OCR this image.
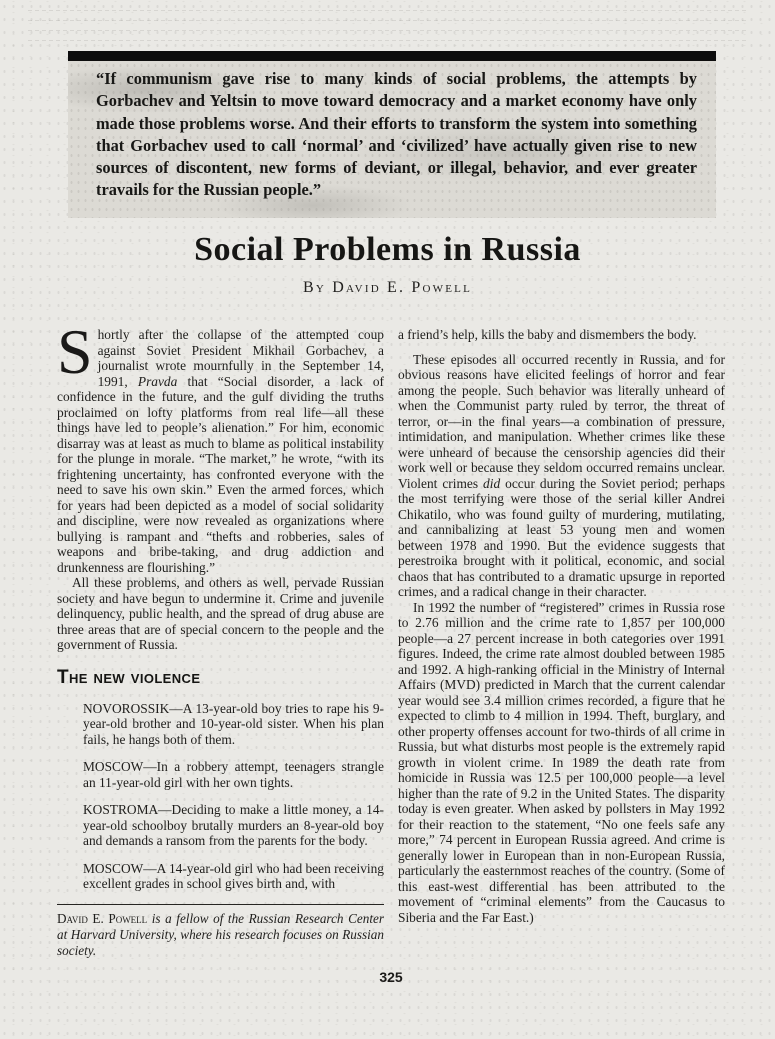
“If communism gave rise to many kinds of social problems, the attempts by Gorbachev and Yeltsin to move toward democracy and a market economy have only made those problems worse. And their efforts to transform the system into something that Gorbachev used to call ‘normal’ and ‘civilized’ have actually given rise to new sources of discontent, new forms of deviant, or illegal, behavior, and ever greater travails for the Russian people.”

Social Problems in Russia
By David E. Powell

Shortly after the collapse of the attempted coup against Soviet President Mikhail Gorbachev, a journalist wrote mournfully in the September 14, 1991, Pravda that “Social disorder, a lack of confidence in the future, and the gulf dividing the truths proclaimed on lofty platforms from real life—all these things have led to people’s alienation.” For him, economic disarray was at least as much to blame as political instability for the plunge in morale. “The market,” he wrote, “with its frightening uncertainty, has confronted everyone with the need to save his own skin.” Even the armed forces, which for years had been depicted as a model of social solidarity and discipline, were now revealed as organizations where bullying is rampant and “thefts and robberies, sales of weapons and bribe-taking, and drug addiction and drunkenness are flourishing.”

All these problems, and others as well, pervade Russian society and have begun to undermine it. Crime and juvenile delinquency, public health, and the spread of drug abuse are three areas that are of special concern to the people and the government of Russia.

The new violence

NOVOROSSIK—A 13-year-old boy tries to rape his 9-year-old brother and 10-year-old sister. When his plan fails, he hangs both of them.

MOSCOW—In a robbery attempt, teenagers strangle an 11-year-old girl with her own tights.

KOSTROMA—Deciding to make a little money, a 14-year-old schoolboy brutally murders an 8-year-old boy and demands a ransom from the parents for the body.

MOSCOW—A 14-year-old girl who had been receiving excellent grades in school gives birth and, with

David E. Powell is a fellow of the Russian Research Center at Harvard University, where his research focuses on Russian society.

a friend’s help, kills the baby and dismembers the body.

These episodes all occurred recently in Russia, and for obvious reasons have elicited feelings of horror and fear among the people. Such behavior was literally unheard of when the Communist party ruled by terror, the threat of terror, or—in the final years—a combination of pressure, intimidation, and manipulation. Whether crimes like these were unheard of because the censorship agencies did their work well or because they seldom occurred remains unclear. Violent crimes did occur during the Soviet period; perhaps the most terrifying were those of the serial killer Andrei Chikatilo, who was found guilty of murdering, mutilating, and cannibalizing at least 53 young men and women between 1978 and 1990. But the evidence suggests that perestroika brought with it political, economic, and social chaos that has contributed to a dramatic upsurge in reported crimes, and a radical change in their character.

In 1992 the number of “registered” crimes in Russia rose to 2.76 million and the crime rate to 1,857 per 100,000 people—a 27 percent increase in both categories over 1991 figures. Indeed, the crime rate almost doubled between 1985 and 1992. A high-ranking official in the Ministry of Internal Affairs (MVD) predicted in March that the current calendar year would see 3.4 million crimes recorded, a figure that he expected to climb to 4 million in 1994. Theft, burglary, and other property offenses account for two-thirds of all crime in Russia, but what disturbs most people is the extremely rapid growth in violent crime. In 1989 the death rate from homicide in Russia was 12.5 per 100,000 people—a level higher than the rate of 9.2 in the United States. The disparity today is even greater. When asked by pollsters in May 1992 for their reaction to the statement, “No one feels safe any more,” 74 percent in European Russia agreed. And crime is generally lower in European than in non-European Russia, particularly the easternmost reaches of the country. (Some of this east-west differential has been attributed to the movement of “criminal elements” from the Caucasus to Siberia and the Far East.)

325
